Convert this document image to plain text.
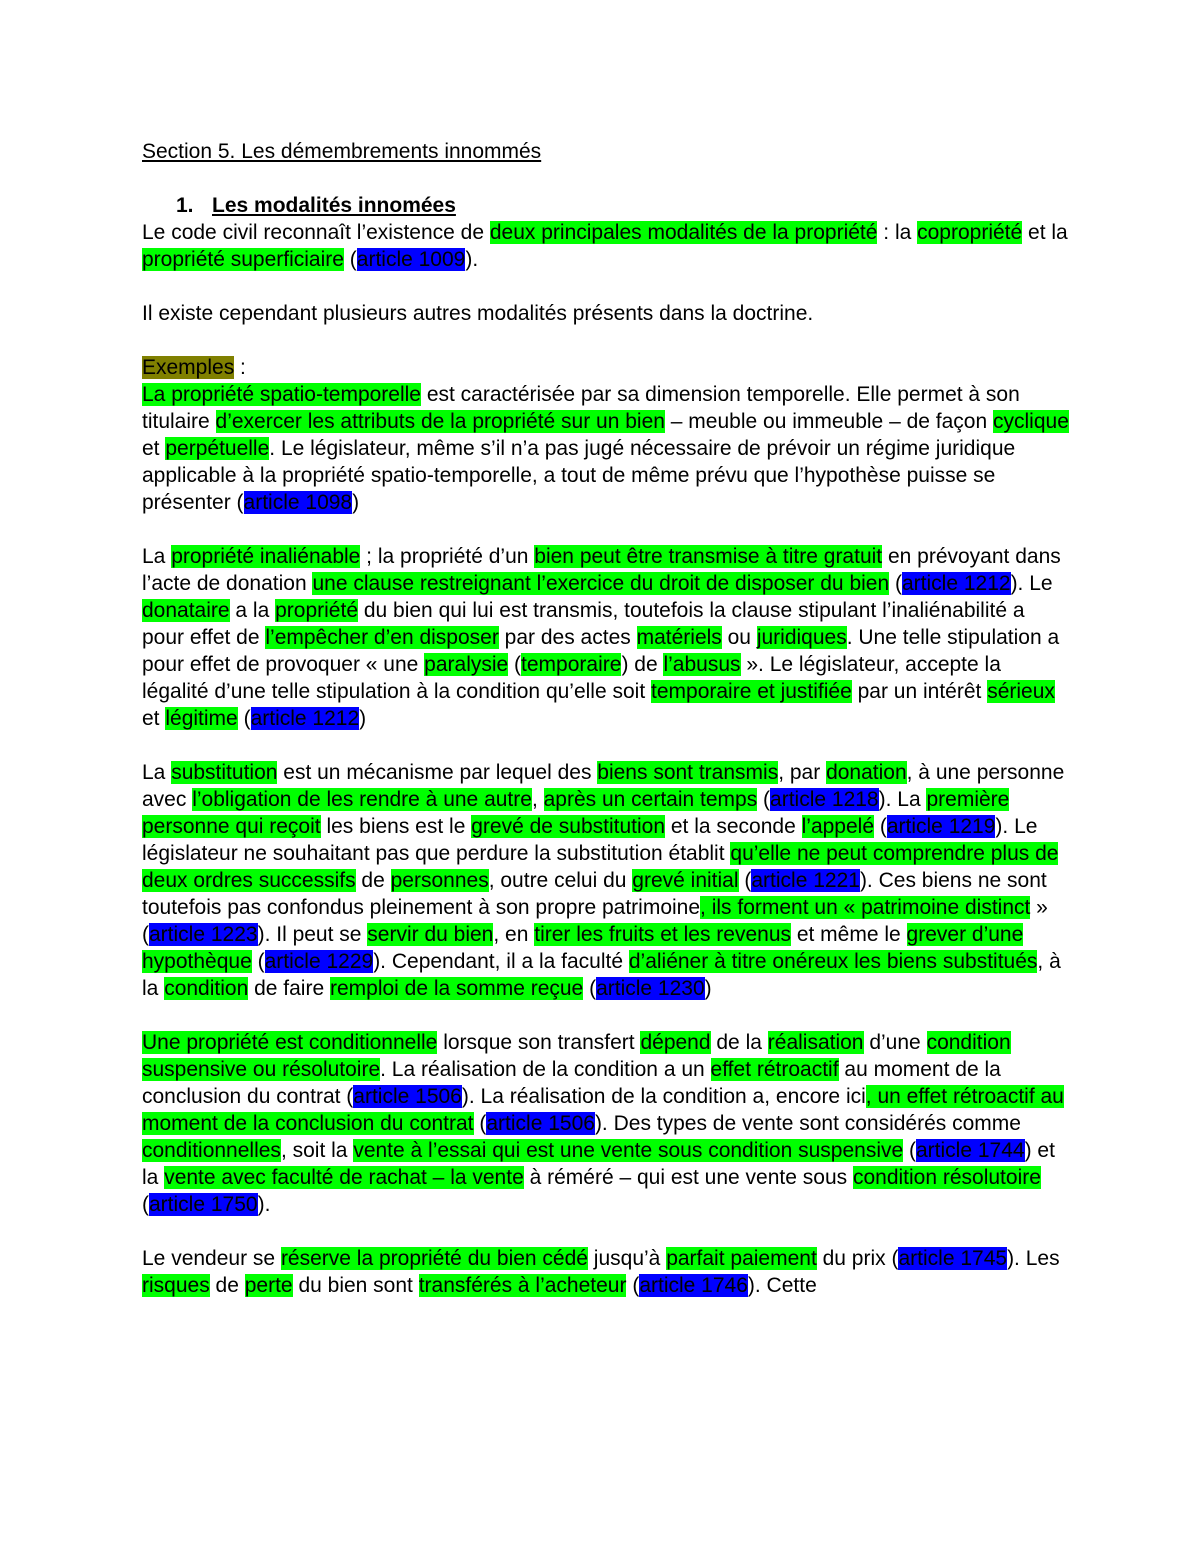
Section 5. Les démembrements innommés

1. Les modalités innomées

Le code civil reconnaît l’existence de deux principales modalités de la propriété : la copropriété et la propriété superficiaire (article 1009).

Il existe cependant plusieurs autres modalités présents dans la doctrine.

Exemples :
La propriété spatio-temporelle est caractérisée par sa dimension temporelle. Elle permet à son titulaire d’exercer les attributs de la propriété sur un bien – meuble ou immeuble – de façon cyclique et perpétuelle. Le législateur, même s’il n’a pas jugé nécessaire de prévoir un régime juridique applicable à la propriété spatio-temporelle, a tout de même prévu que l’hypothèse puisse se présenter (article 1098)

La propriété inaliénable ; la propriété d’un bien peut être transmise à titre gratuit en prévoyant dans l’acte de donation une clause restreignant l’exercice du droit de disposer du bien (article 1212). Le donataire a la propriété du bien qui lui est transmis, toutefois la clause stipulant l’inaliénabilité a pour effet de l’empêcher d’en disposer par des actes matériels ou juridiques. Une telle stipulation a pour effet de provoquer « une paralysie (temporaire) de l’abusus ». Le législateur, accepte la légalité d’une telle stipulation à la condition qu’elle soit temporaire et justifiée par un intérêt sérieux et légitime (article 1212)

La substitution est un mécanisme par lequel des biens sont transmis, par donation, à une personne avec l’obligation de les rendre à une autre, après un certain temps (article 1218). La première personne qui reçoit les biens est le grevé de substitution et la seconde l’appelé (article 1219). Le législateur ne souhaitant pas que perdure la substitution établit qu’elle ne peut comprendre plus de deux ordres successifs de personnes, outre celui du grevé initial (article 1221). Ces biens ne sont toutefois pas confondus pleinement à son propre patrimoine, ils forment un « patrimoine distinct » (article 1223). Il peut se servir du bien, en tirer les fruits et les revenus et même le grever d’une hypothèque (article 1229). Cependant, il a la faculté d’aliéner à titre onéreux les biens substitués, à la condition de faire remploi de la somme reçue (article 1230)

Une propriété est conditionnelle lorsque son transfert dépend de la réalisation d’une condition suspensive ou résolutoire. La réalisation de la condition a un effet rétroactif au moment de la conclusion du contrat (article 1506). La réalisation de la condition a, encore ici, un effet rétroactif au moment de la conclusion du contrat (article 1506). Des types de vente sont considérés comme conditionnelles, soit la vente à l’essai qui est une vente sous condition suspensive (article 1744) et la vente avec faculté de rachat – la vente à réméré – qui est une vente sous condition résolutoire (article 1750).

Le vendeur se réserve la propriété du bien cédé jusqu’à parfait paiement du prix (article 1745). Les risques de perte du bien sont transférés à l’acheteur (article 1746). Cette
